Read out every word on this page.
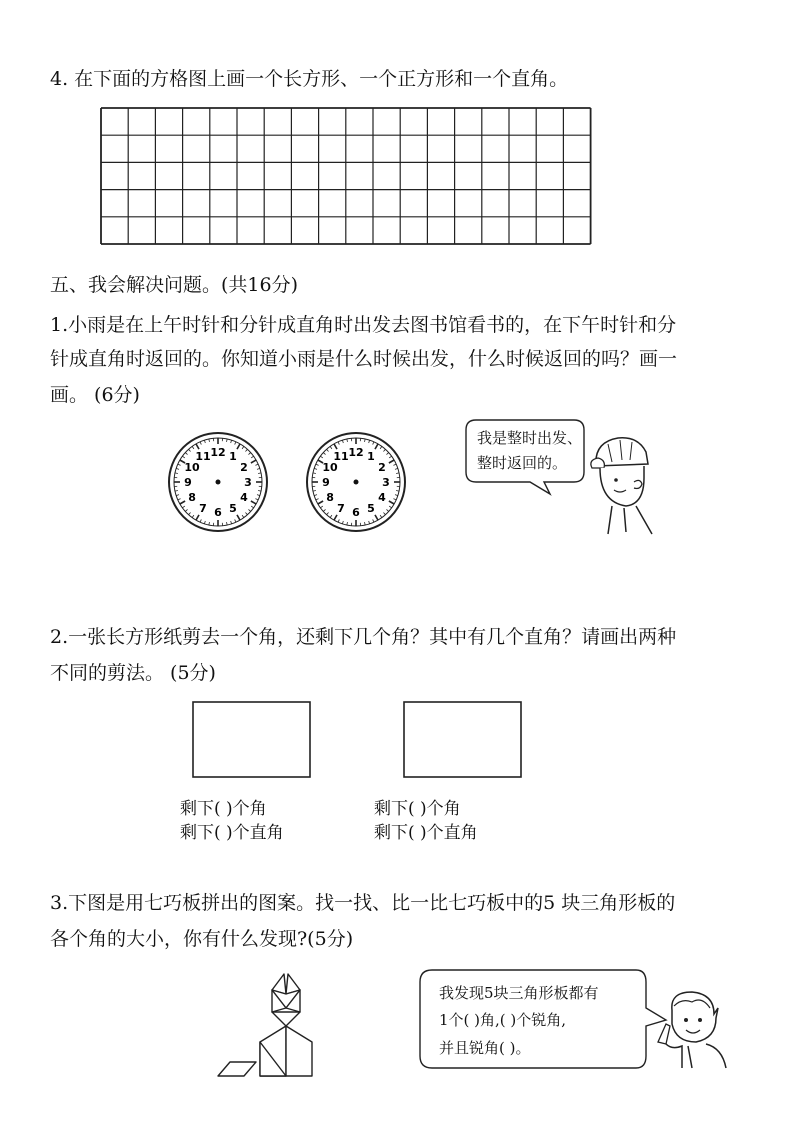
4. 在下面的方格图上画一个长方形、一个正方形和一个直角。
五、我会解决问题。(共16分)
1.小雨是在上午时针和分针成直角时出发去图书馆看书的，在下午时针和分
针成直角时返回的。你知道小雨是什么时候出发，什么时候返回的吗？画一
画。 (6分)
12 1
2
3
4
5
6
7
8
9
10
11	12 1
2
3
4
5
6
7
8
9
10
11
我是整时出发、
整时返回的。
2.一张长方形纸剪去一个角，还剩下几个角？其中有几个直角？请画出两种
不同的剪法。 (5分)
剩下( )个角
剩下( )个直角
剩下( )个角
剩下( )个直角
3.下图是用七巧板拼出的图案。找一找、比一比七巧板中的5 块三角形板的
各个角的大小，你有什么发现?(5分)
我发现5块三角形板都有
1个( )角,( )个锐角,
并且锐角( )。
